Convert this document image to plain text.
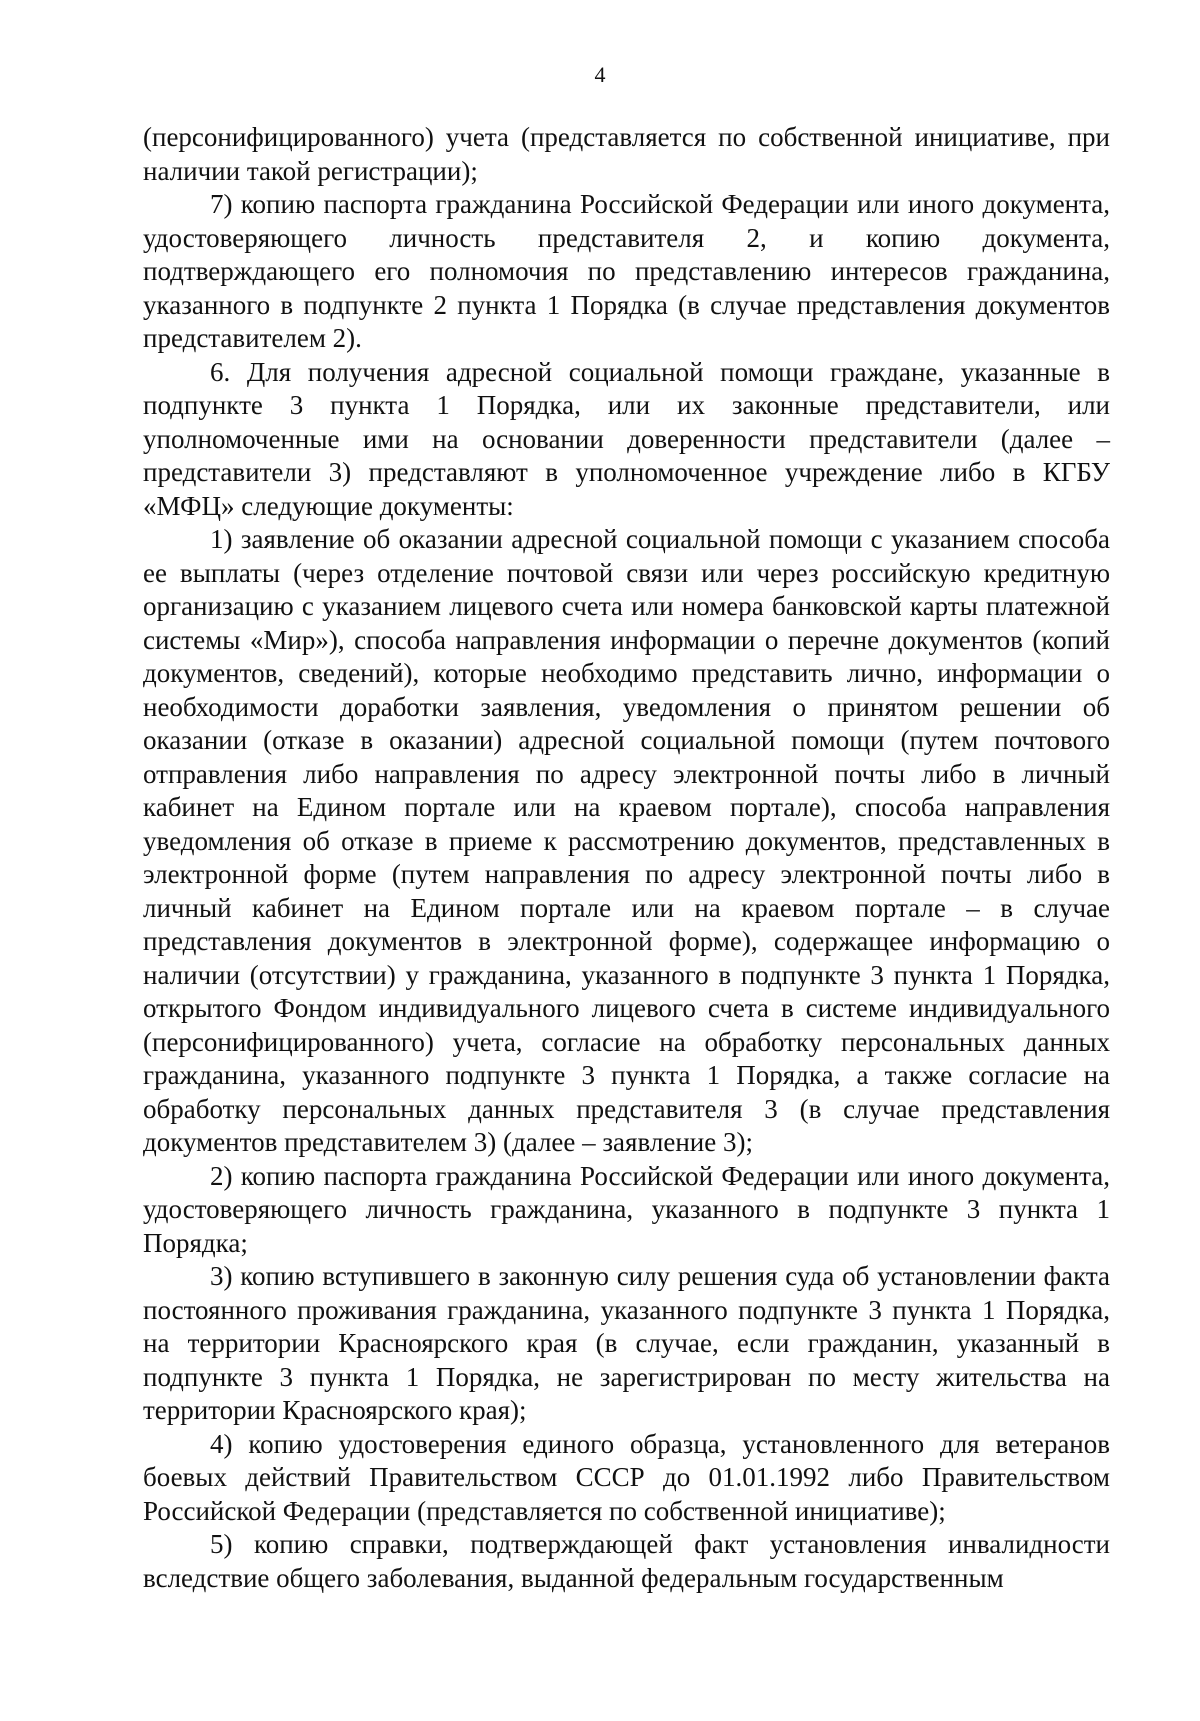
4

(персонифицированного) учета (представляется по собственной инициативе, при наличии такой регистрации);

7) копию паспорта гражданина Российской Федерации или иного документа, удостоверяющего личность представителя 2, и копию документа, подтверждающего его полномочия по представлению интересов гражданина, указанного в подпункте 2 пункта 1 Порядка (в случае представления документов представителем 2).

6. Для получения адресной социальной помощи граждане, указанные в подпункте 3 пункта 1 Порядка, или их законные представители, или уполномоченные ими на основании доверенности представители (далее – представители 3) представляют в уполномоченное учреждение либо в КГБУ «МФЦ» следующие документы:

1) заявление об оказании адресной социальной помощи с указанием способа ее выплаты (через отделение почтовой связи или через российскую кредитную организацию с указанием лицевого счета или номера банковской карты платежной системы «Мир»), способа направления информации о перечне документов (копий документов, сведений), которые необходимо представить лично, информации о необходимости доработки заявления, уведомления о принятом решении об оказании (отказе в оказании) адресной социальной помощи (путем почтового отправления либо направления по адресу электронной почты либо в личный кабинет на Едином портале или на краевом портале), способа направления уведомления об отказе в приеме к рассмотрению документов, представленных в электронной форме (путем направления по адресу электронной почты либо в личный кабинет на Едином портале или на краевом портале – в случае представления документов в электронной форме), содержащее информацию о наличии (отсутствии) у гражданина, указанного в подпункте 3 пункта 1 Порядка, открытого Фондом индивидуального лицевого счета в системе индивидуального (персонифицированного) учета, согласие на обработку персональных данных гражданина, указанного подпункте 3 пункта 1 Порядка, а также согласие на обработку персональных данных представителя 3 (в случае представления документов представителем 3) (далее – заявление 3);

2) копию паспорта гражданина Российской Федерации или иного документа, удостоверяющего личность гражданина, указанного в подпункте 3 пункта 1 Порядка;

3) копию вступившего в законную силу решения суда об установлении факта постоянного проживания гражданина, указанного подпункте 3 пункта 1 Порядка, на территории Красноярского края (в случае, если гражданин, указанный в подпункте 3 пункта 1 Порядка, не зарегистрирован по месту жительства на территории Красноярского края);

4) копию удостоверения единого образца, установленного для ветеранов боевых действий Правительством СССР до 01.01.1992 либо Правительством Российской Федерации (представляется по собственной инициативе);

5) копию справки, подтверждающей факт установления инвалидности вследствие общего заболевания, выданной федеральным государственным
